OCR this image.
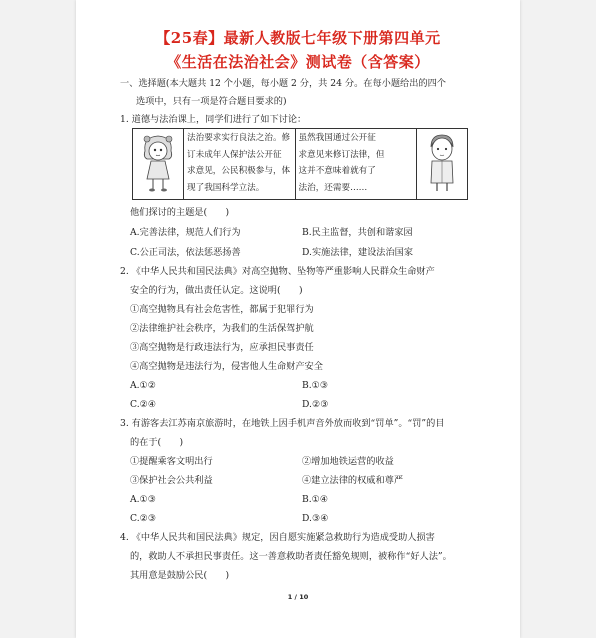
【25春】最新人教版七年级下册第四单元
《生活在法治社会》测试卷（含答案）
一、选择题(本大题共 12 个小题，每小题 2 分，共 24 分。在每小题给出的四个
选项中，只有一项是符合题目要求的)
1. 道德与法治课上，同学们进行了如下讨论：

法治要求实行良法之治。修
订未成年人保护法公开征
求意见，公民积极参与，体
现了我国科学立法。

虽然我国通过公开征
求意见来修订法律，但
这并不意味着就有了
法治，还需要……

他们探讨的主题是(　　)
A.完善法律，规范人们行为	B.民主监督，共创和谐家园
C.公正司法，依法惩恶扬善	D.实施法律，建设法治国家
2. 《中华人民共和国民法典》对高空抛物、坠物等严重影响人民群众生命财产
安全的行为，做出责任认定。这说明(　　)
①高空抛物具有社会危害性，都属于犯罪行为
②法律维护社会秩序，为我们的生活保驾护航
③高空抛物是行政违法行为，应承担民事责任
④高空抛物是违法行为，侵害他人生命财产安全
A.①②	B.①③
C.②④	D.②③
3. 有游客去江苏南京旅游时，在地铁上因手机声音外放而收到“罚单”。“罚”的目
的在于(　　)
①提醒乘客文明出行	②增加地铁运营的收益
③保护社会公共利益	④建立法律的权威和尊严
A.①③	B.①④
C.②③	D.③④
4. 《中华人民共和国民法典》规定，因自愿实施紧急救助行为造成受助人损害
的，救助人不承担民事责任。这一善意救助者责任豁免规则，被称作“好人法”。
其用意是鼓励公民(　　)
1 / 10
